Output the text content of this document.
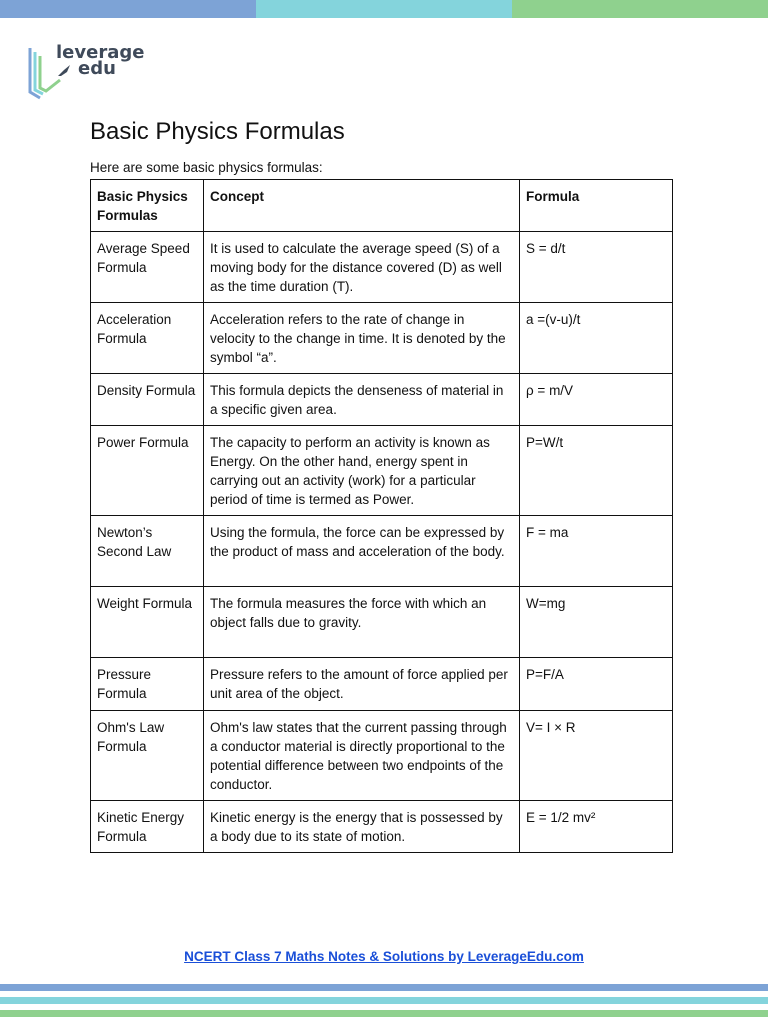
leverage
edu
Basic Physics Formulas

Here are some basic physics formulas:

Basic Physics Formulas	Concept	Formula
Average Speed Formula	It is used to calculate the average speed (S) of a moving body for the distance covered (D) as well as the time duration (T).	S = d/t
Acceleration Formula	Acceleration refers to the rate of change in velocity to the change in time. It is denoted by the symbol “a”.	a =(v-u)/t
Density Formula	This formula depicts the denseness of material in a specific given area.	ρ = m/V
Power Formula	The capacity to perform an activity is known as Energy. On the other hand, energy spent in carrying out an activity (work) for a particular period of time is termed as Power.	P=W/t
Newton’s Second Law	Using the formula, the force can be expressed by the product of mass and acceleration of the body.	F = ma
Weight Formula	The formula measures the force with which an object falls due to gravity.	W=mg
Pressure Formula	Pressure refers to the amount of force applied per unit area of the object.	P=F/A
Ohm's Law Formula	Ohm's law states that the current passing through a conductor material is directly proportional to the potential difference between two endpoints of the conductor.	V= I × R
Kinetic Energy Formula	Kinetic energy is the energy that is possessed by a body due to its state of motion.	E = 1/2 mv²
NCERT Class 7 Maths Notes & Solutions by LeverageEdu.com
